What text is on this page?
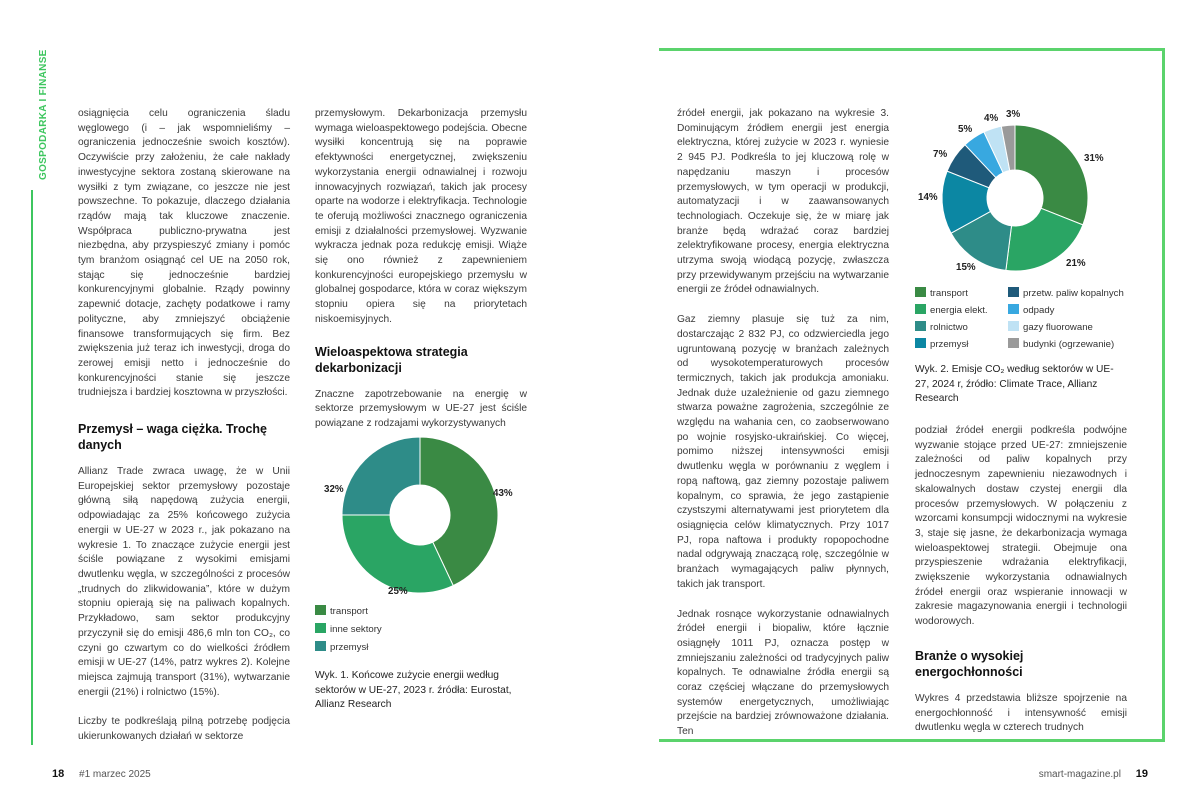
GOSPODARKA I FINANSE	osiągnięcia celu ograniczenia śladu węglowego (i – jak wspomnieliśmy – ograniczenia jednocześnie swoich kosztów). Oczywiście przy założeniu, że całe nakłady inwestycyjne sektora zostaną skierowane na wysiłki z tym związane, co jeszcze nie jest powszechne. To pokazuje, dlaczego działania rządów mają tak kluczowe znaczenie. Współpraca publiczno-prywatna jest niezbędna, aby przyspieszyć zmiany i pomóc tym branżom osiągnąć cel UE na 2050 rok, stając się jednocześnie bardziej konkurencyjnymi globalnie. Rządy powinny zapewnić dotacje, zachęty podatkowe i ramy polityczne, aby zmniejszyć obciążenie finansowe transformujących się firm. Bez zwiększenia już teraz ich inwestycji, droga do zerowej emisji netto i jednocześnie do konkurencyjności stanie się jeszcze trudniejsza i bardziej kosztowna w przyszłości.

Przemysł – waga ciężka. Trochę danych

Allianz Trade zwraca uwagę, że w Unii Europejskiej sektor przemysłowy pozostaje główną siłą napędową zużycia energii, odpowiadając za 25% końcowego zużycia energii w UE-27 w 2023 r., jak pokazano na wykresie 1. To znaczące zużycie energii jest ściśle powiązane z wysokimi emisjami dwutlenku węgla, w szczególności z procesów „trudnych do zlikwidowania”, które w dużym stopniu opierają się na paliwach kopalnych. Przykładowo, sam sektor produkcyjny przyczynił się do emisji 486,6 mln ton CO₂, co czyni go czwartym co do wielkości źródłem emisji w UE-27 (14%, patrz wykres 2). Kolejne miejsca zajmują transport (31%), wytwarzanie energii (21%) i rolnictwo (15%).

Liczby te podkreślają pilną potrzebę podjęcia ukierunkowanych działań w sektorze

przemysłowym. Dekarbonizacja przemysłu wymaga wieloaspektowego podejścia. Obecne wysiłki koncentrują się na poprawie efektywności energetycznej, zwiększeniu wykorzystania energii odnawialnej i rozwoju innowacyjnych rozwiązań, takich jak procesy oparte na wodorze i elektryfikacja. Technologie te oferują możliwości znacznego ograniczenia emisji z działalności przemysłowej. Wyzwanie wykracza jednak poza redukcję emisji. Wiąże się ono również z zapewnieniem konkurencyjności europejskiego przemysłu w globalnej gospodarce, która w coraz większym stopniu opiera się na priorytetach niskoemisyjnych.

Wieloaspektowa strategia dekarbonizacji

Znaczne zapotrzebowanie na energię w sektorze przemysłowym w UE-27 jest ściśle powiązane z rodzajami wykorzystywanych

43%
32%
25%
transport
inne sektory
przemysł

Wyk. 1. Końcowe zużycie energii według sektorów w UE-27, 2023 r. źródła: Eurostat, Allianz Research

źródeł energii, jak pokazano na wykresie 3. Dominującym źródłem energii jest energia elektryczna, której zużycie w 2023 r. wyniesie 2 945 PJ. Podkreśla to jej kluczową rolę w napędzaniu maszyn i procesów przemysłowych, w tym operacji w produkcji, automatyzacji i w zaawansowanych technologiach. Oczekuje się, że w miarę jak branże będą wdrażać coraz bardziej zelektryfikowane procesy, energia elektryczna utrzyma swoją wiodącą pozycję, zwłaszcza przy przewidywanym przejściu na wytwarzanie energii ze źródeł odnawialnych.

Gaz ziemny plasuje się tuż za nim, dostarczając 2 832 PJ, co odzwierciedla jego ugruntowaną pozycję w branżach zależnych od wysokotemperaturowych procesów termicznych, takich jak produkcja amoniaku. Jednak duże uzależnienie od gazu ziemnego stwarza poważne zagrożenia, szczególnie ze względu na wahania cen, co zaobserwowano po wojnie rosyjsko-ukraińskiej. Co więcej, pomimo niższej intensywności emisji dwutlenku węgla w porównaniu z węglem i ropą naftową, gaz ziemny pozostaje paliwem kopalnym, co sprawia, że jego zastąpienie czystszymi alternatywami jest priorytetem dla osiągnięcia celów klimatycznych. Przy 1017 PJ, ropa naftowa i produkty ropopochodne nadal odgrywają znaczącą rolę, szczególnie w branżach wymagających paliw płynnych, takich jak transport.

Jednak rosnące wykorzystanie odnawialnych źródeł energii i biopaliw, które łącznie osiągnęły 1011 PJ, oznacza postęp w zmniejszaniu zależności od tradycyjnych paliw kopalnych. Te odnawialne źródła energii są coraz częściej włączane do przemysłowych systemów energetycznych, umożliwiając przejście na bardziej zrównoważone działania. Ten

31%
21%
15%
14%
7%
5%
4% 3%
transport
energia elekt.
rolnictwo
przemysł
przetw. paliw kopalnych
odpady
gazy fluorowane
budynki (ogrzewanie)

Wyk. 2. Emisje CO₂ według sektorów w UE-27, 2024 r, źródło: Climate Trace, Allianz Research

podział źródeł energii podkreśla podwójne wyzwanie stojące przed UE-27: zmniejszenie zależności od paliw kopalnych przy jednoczesnym zapewnieniu niezawodnych i skalowalnych dostaw czystej energii dla procesów przemysłowych. W połączeniu z wzorcami konsumpcji widocznymi na wykresie 3, staje się jasne, że dekarbonizacja wymaga wieloaspektowej strategii. Obejmuje ona przyspieszenie wdrażania elektryfikacji, zwiększenie wykorzystania odnawialnych źródeł energii oraz wspieranie innowacji w zakresie magazynowania energii i technologii wodorowych.

Branże o wysokiej energochłonności

Wykres 4 przedstawia bliższe spojrzenie na energochłonność i intensywność emisji dwutlenku węgla w czterech trudnych

18 #1 marzec 2025	smart-magazine.pl 19
